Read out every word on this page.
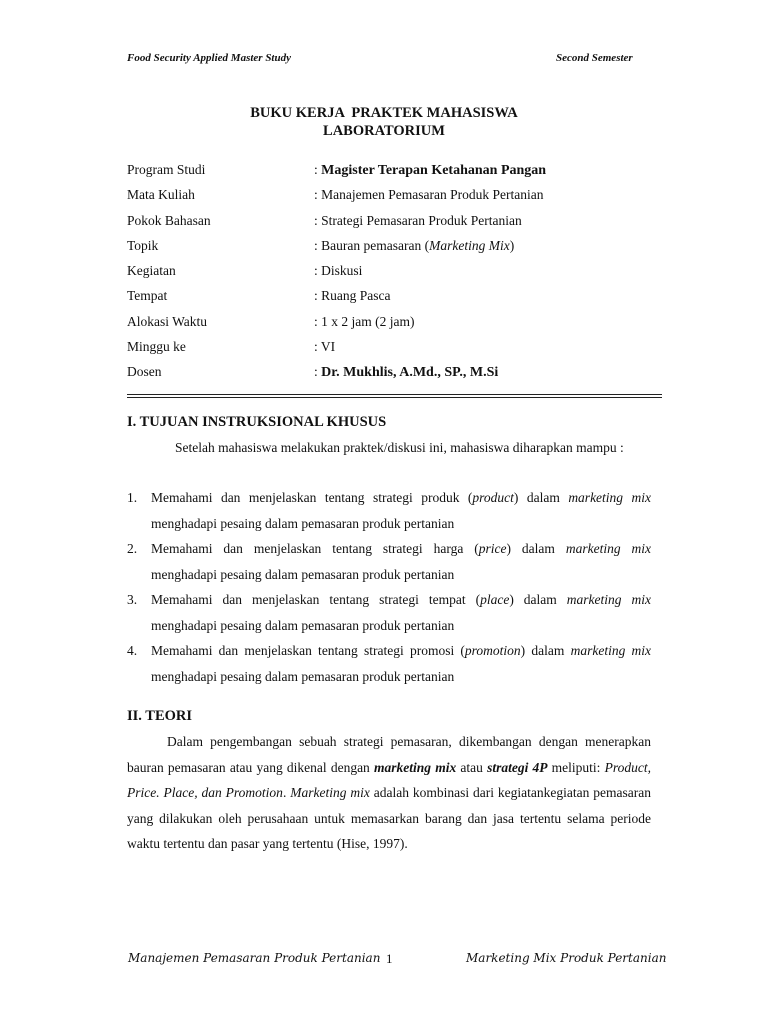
Food Security Applied Master Study	Second Semester
BUKU KERJA  PRAKTEK MAHASISWA
LABORATORIUM
Program Studi	: Magister Terapan Ketahanan Pangan
Mata Kuliah	: Manajemen Pemasaran Produk Pertanian
Pokok Bahasan	: Strategi Pemasaran Produk Pertanian
Topik	: Bauran pemasaran (Marketing Mix)
Kegiatan	: Diskusi
Tempat	: Ruang Pasca
Alokasi Waktu	: 1 x 2 jam (2 jam)
Minggu ke	: VI
Dosen	: Dr. Mukhlis, A.Md., SP., M.Si
I. TUJUAN INSTRUKSIONAL KHUSUS
Setelah mahasiswa melakukan praktek/diskusi ini, mahasiswa diharapkan mampu :
1. Memahami dan menjelaskan tentang strategi produk (product) dalam marketing mix menghadapi pesaing dalam pemasaran produk pertanian
2. Memahami dan menjelaskan tentang strategi harga (price) dalam marketing mix menghadapi pesaing dalam pemasaran produk pertanian
3. Memahami dan menjelaskan tentang strategi tempat (place) dalam marketing mix menghadapi pesaing dalam pemasaran produk pertanian
4. Memahami dan menjelaskan tentang strategi promosi (promotion) dalam marketing mix menghadapi pesaing dalam pemasaran produk pertanian
II. TEORI
Dalam pengembangan sebuah strategi pemasaran, dikembangan dengan menerapkan bauran pemasaran atau yang dikenal dengan marketing mix atau strategi 4P meliputi: Product, Price. Place, dan Promotion. Marketing mix adalah kombinasi dari kegiatankegiatan pemasaran yang dilakukan oleh perusahaan untuk memasarkan barang dan jasa tertentu selama periode waktu tertentu dan pasar yang tertentu (Hise, 1997).
Manajemen Pemasaran Produk Pertanian 1	Marketing Mix Produk Pertanian
